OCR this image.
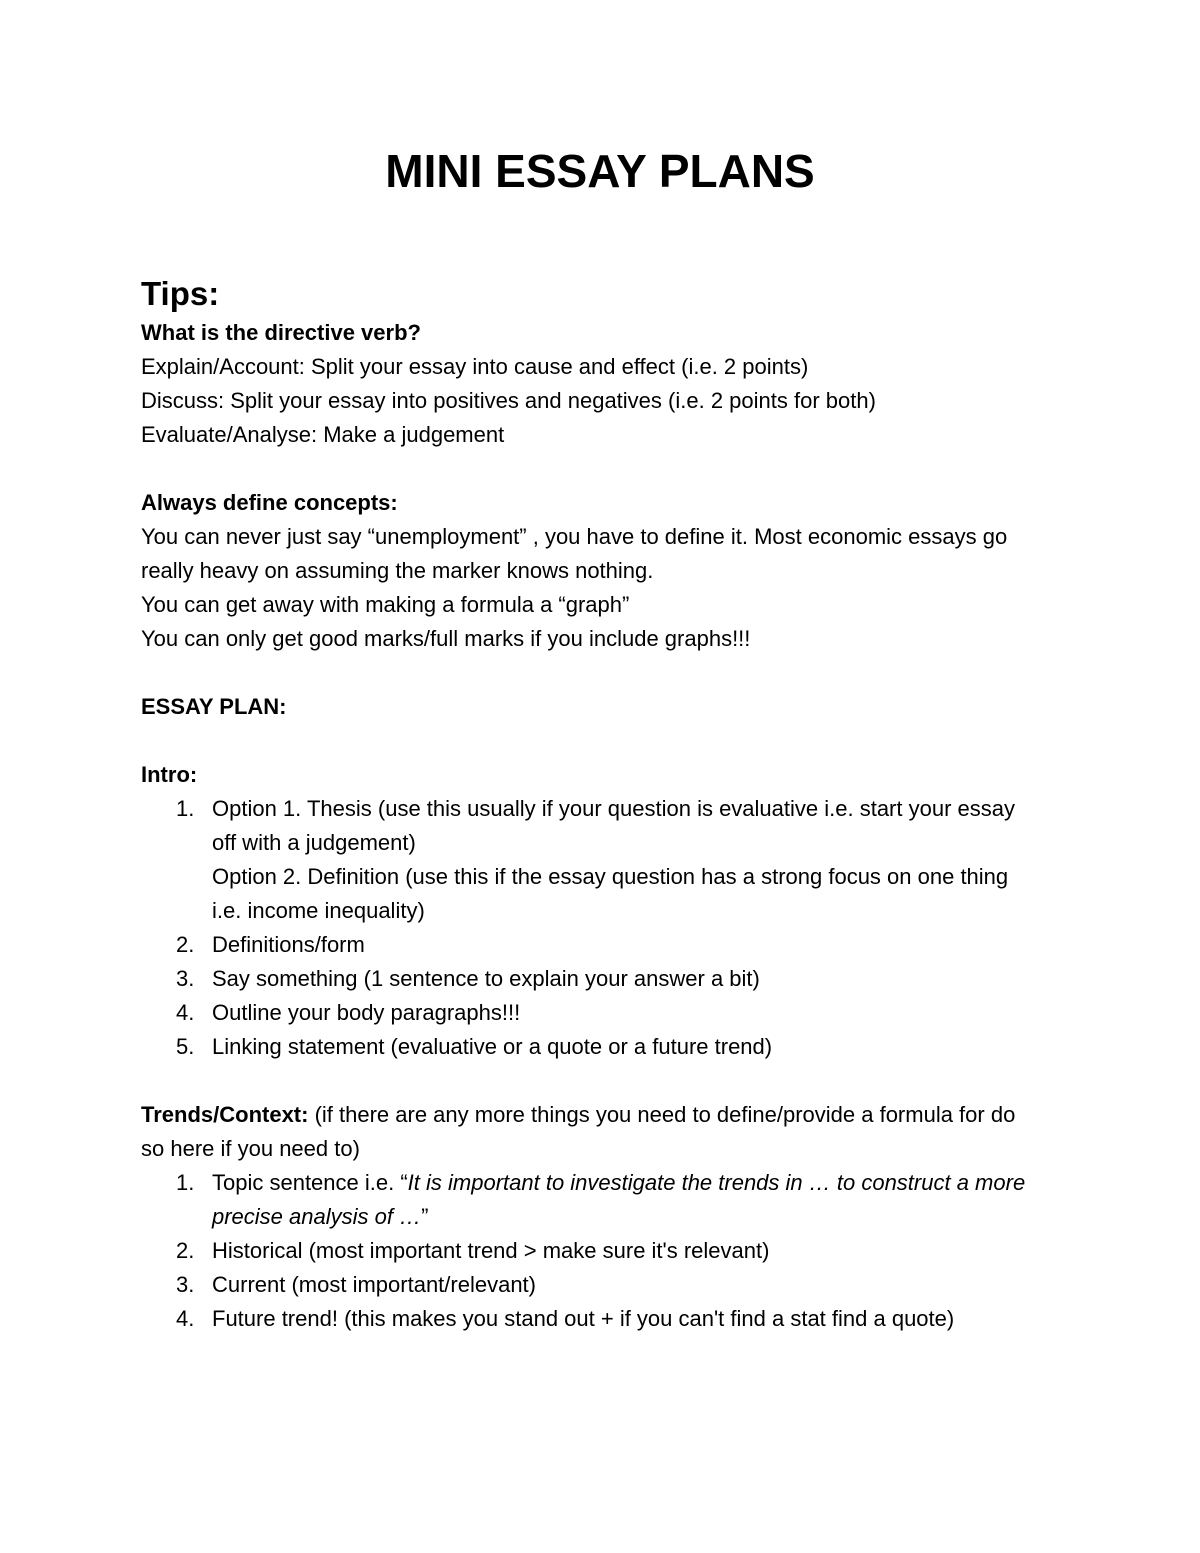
MINI ESSAY PLANS

Tips:

What is the directive verb?

Explain/Account: Split your essay into cause and effect (i.e. 2 points)

Discuss: Split your essay into positives and negatives (i.e. 2 points for both)

Evaluate/Analyse: Make a judgement

Always define concepts:

You can never just say “unemployment” , you have to define it. Most economic essays go really heavy on assuming the marker knows nothing.

You can get away with making a formula a “graph”

You can only get good marks/full marks if you include graphs!!!

ESSAY PLAN:

Intro:

1. Option 1. Thesis (use this usually if your question is evaluative i.e. start your essay off with a judgement)
Option 2. Definition (use this if the essay question has a strong focus on one thing i.e. income inequality)
2. Definitions/form
3. Say something (1 sentence to explain your answer a bit)
4. Outline your body paragraphs!!!
5. Linking statement (evaluative or a quote or a future trend)

Trends/Context: (if there are any more things you need to define/provide a formula for do so here if you need to)

1. Topic sentence i.e. “It is important to investigate the trends in … to construct a more precise analysis of …”
2. Historical (most important trend > make sure it's relevant)
3. Current (most important/relevant)
4. Future trend! (this makes you stand out + if you can't find a stat find a quote)
